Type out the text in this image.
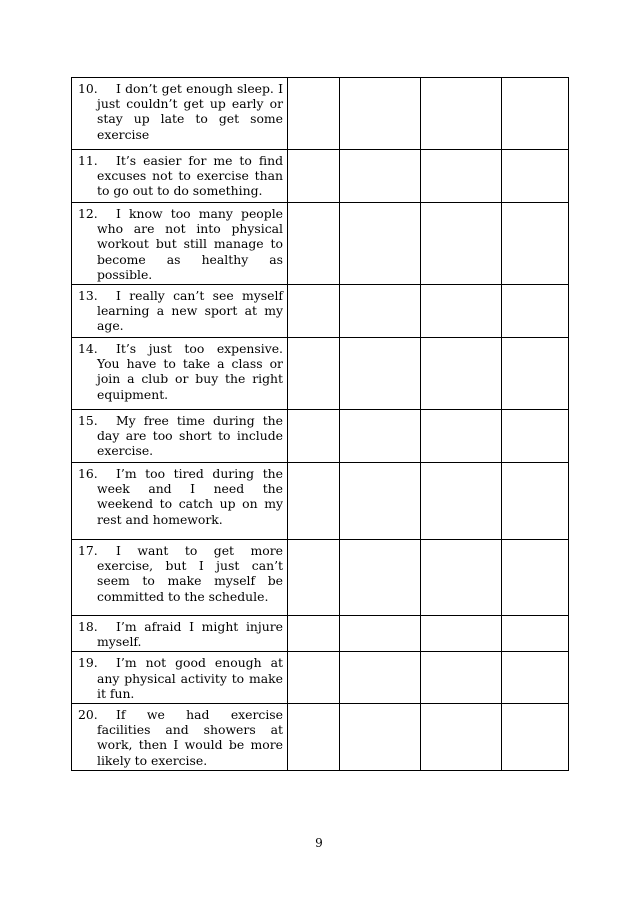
10. I don’t get enough sleep. I just couldn’t get up early or stay up late to get some exercise				

11. It’s easier for me to find excuses not to exercise than to go out to do something.				

12. I know too many people who are not into physical workout but still manage to become as healthy as possible.				

13. I really can’t see myself learning a new sport at my age.				

14. It’s just too expensive. You have to take a class or join a club or buy the right equipment.				

15. My free time during the day are too short to include exercise.				

16. I’m too tired during the week and I need the weekend to catch up on my rest and homework.				

17. I want to get more exercise, but I just can’t seem to make myself be committed to the schedule.				

18. I’m afraid I might injure myself.				

19. I’m not good enough at any physical activity to make it fun.				

20. If we had exercise facilities and showers at work, then I would be more likely to exercise.				

9
